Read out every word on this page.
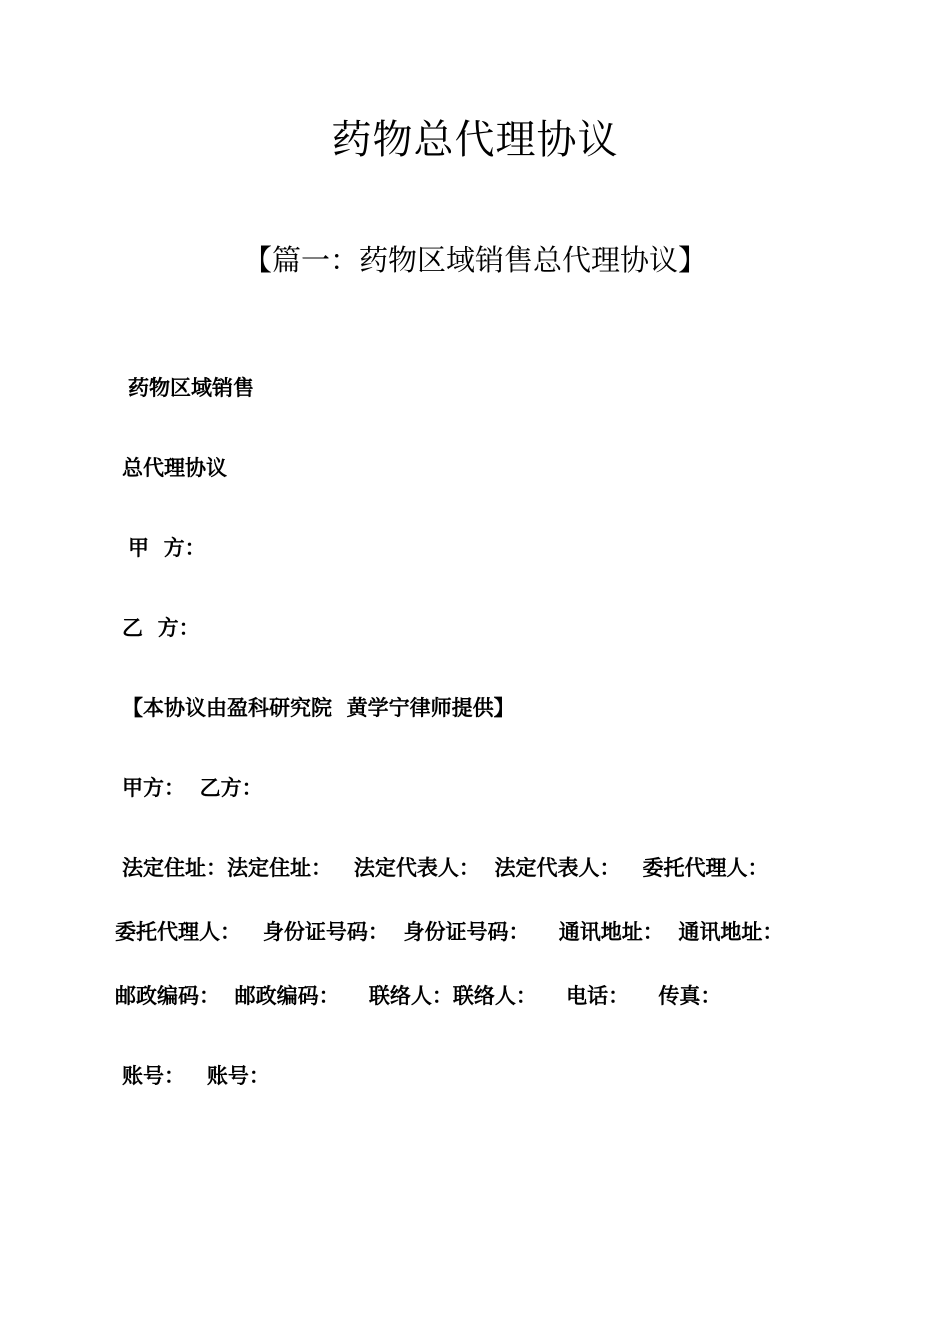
药物总代理协议
【篇一：药物区域销售总代理协议】
药物区域销售
总代理协议
甲  方：
乙  方：
【本协议由盈科研究院  黄学宁律师提供】
甲方：  乙方：
法定住址：法定住址：   法定代表人：  法定代表人：   委托代理人：
委托代理人：   身份证号码：  身份证号码：    通讯地址：  通讯地址：
邮政编码：  邮政编码：    联络人：联络人：    电话：    传真：
账号：   账号：
